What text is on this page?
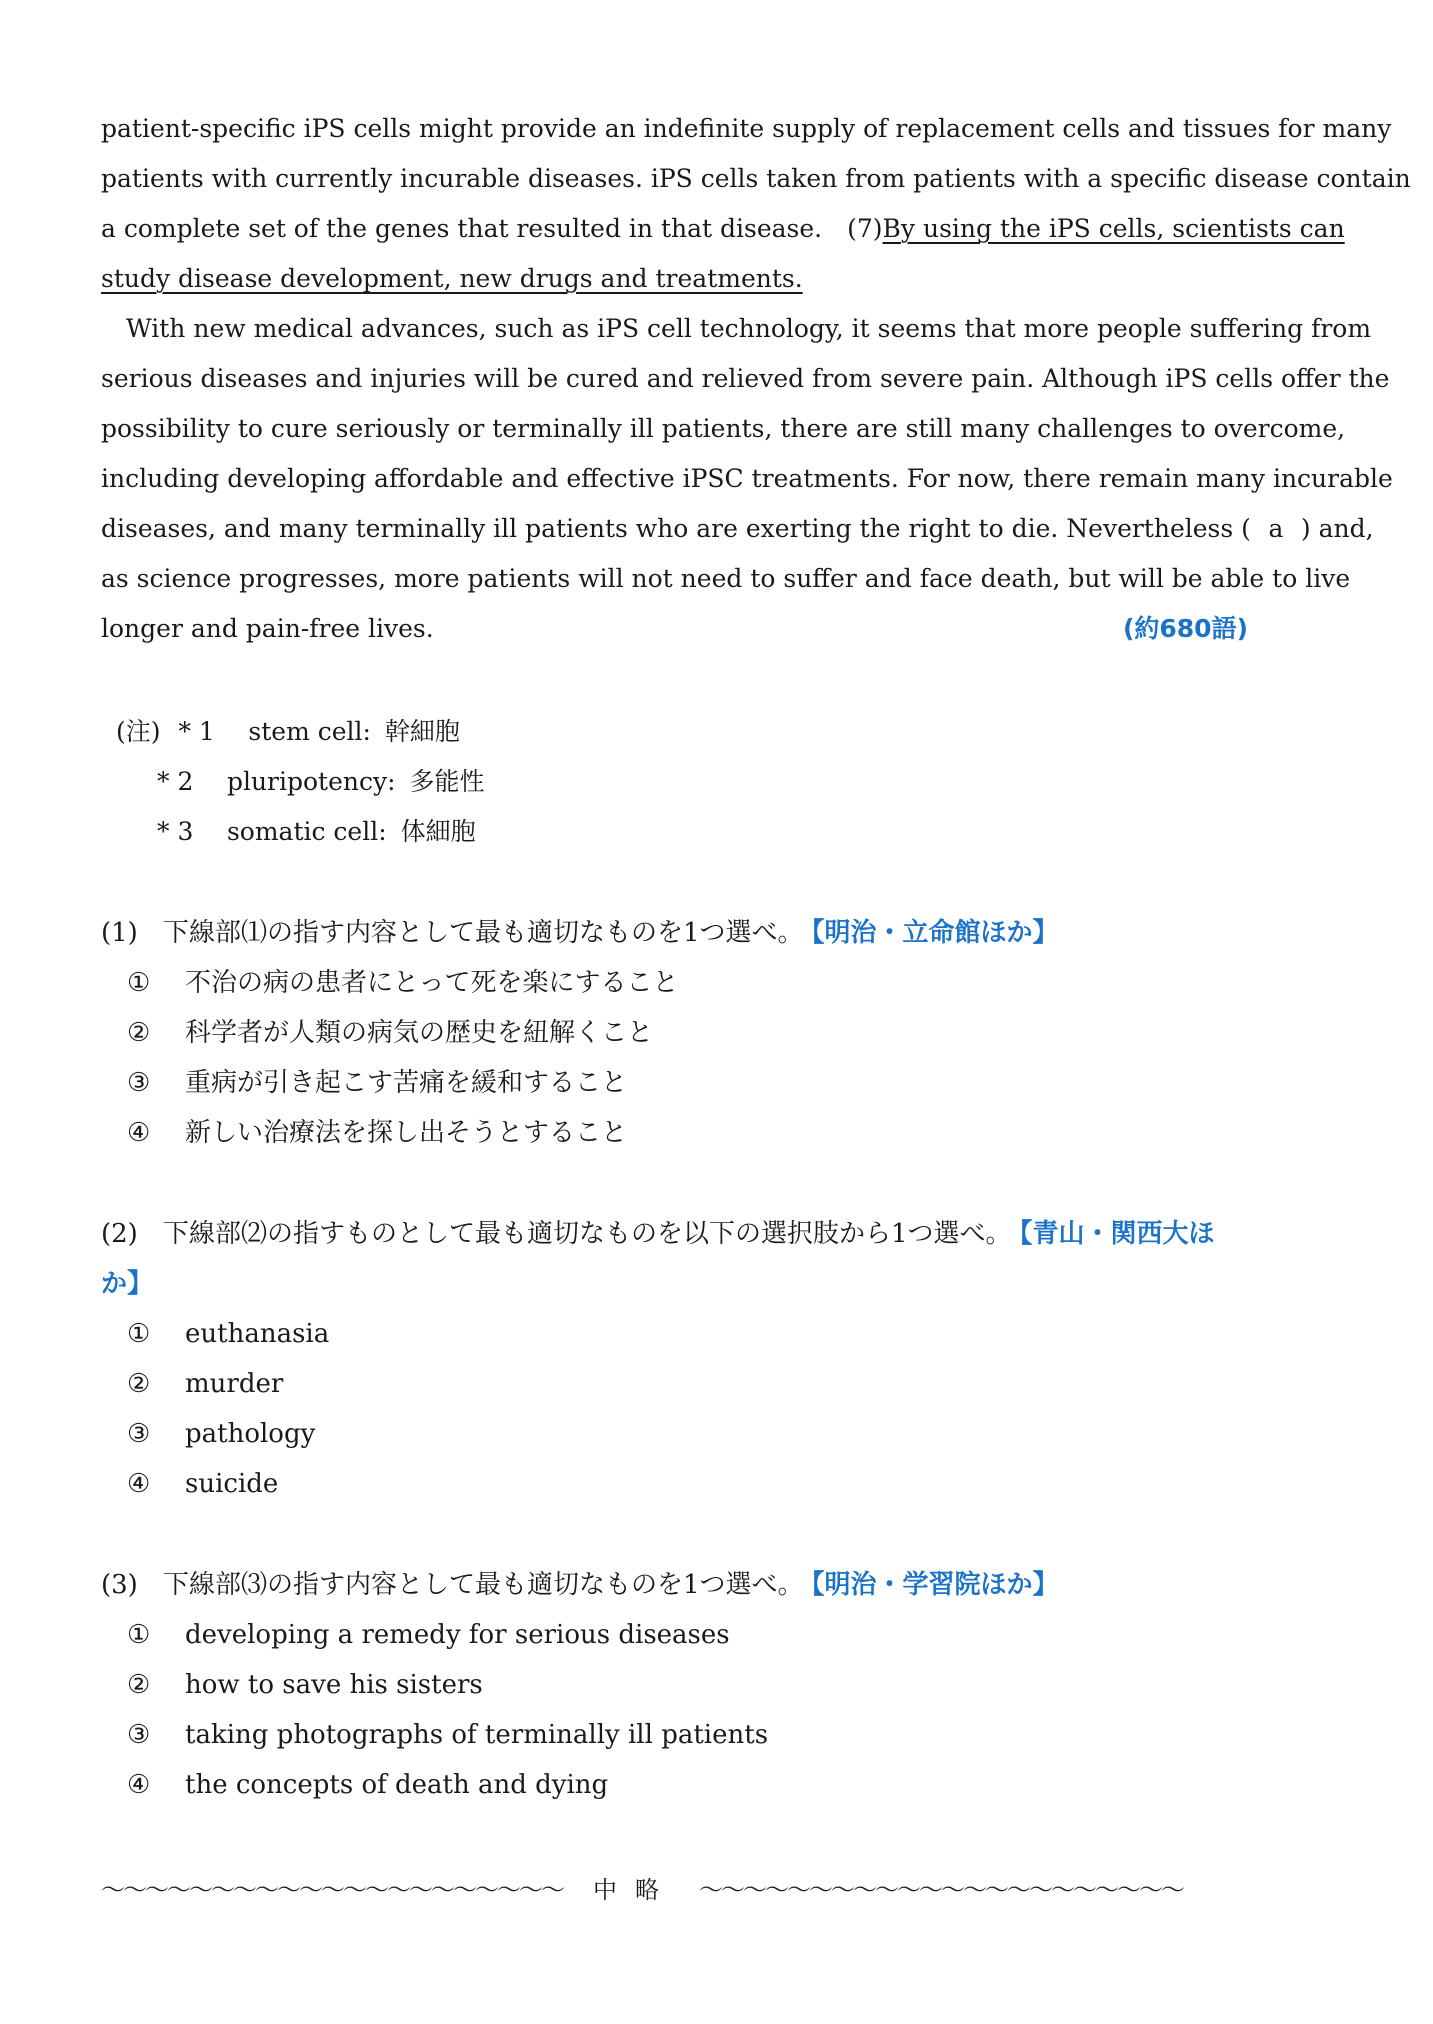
patient-specific iPS cells might provide an indefinite supply of replacement cells and tissues for many
patients with currently incurable diseases. iPS cells taken from patients with a specific disease contain
a complete set of the genes that resulted in that disease.　(7)By using the iPS cells, scientists can
study disease development, new drugs and treatments.
　With new medical advances, such as iPS cell technology, it seems that more people suffering from
serious diseases and injuries will be cured and relieved from severe pain. Although iPS cells offer the
possibility to cure seriously or terminally ill patients, there are still many challenges to overcome,
including developing affordable and effective iPSC treatments. For now, there remain many incurable
diseases, and many terminally ill patients who are exerting the right to die. Nevertheless ( a ) and,
as science progresses, more patients will not need to suffer and face death, but will be able to live
longer and pain-free lives.	(約680語)
(注) * 1 stem cell: 幹細胞
* 2 pluripotency: 多能性
* 3 somatic cell: 体細胞
(1) 下線部⑴の指す内容として最も適切なものを1つ選べ。 【明治・立命館ほか】
① 不治の病の患者にとって死を楽にすること
② 科学者が人類の病気の歴史を紐解くこと
③ 重病が引き起こす苦痛を緩和すること
④ 新しい治療法を探し出そうとすること
(2) 下線部⑵の指すものとして最も適切なものを以下の選択肢から1つ選べ。 【青山・関西大ほ
か】
① euthanasia
② murder
③ pathology
④ suicide
(3) 下線部⑶の指す内容として最も適切なものを1つ選べ。 【明治・学習院ほか】
① developing a remedy for serious diseases
② how to save his sisters
③ taking photographs of terminally ill patients
④ the concepts of death and dying
〜〜〜〜〜〜〜〜〜〜〜〜〜〜〜〜〜〜〜〜〜 中略 〜〜〜〜〜〜〜〜〜〜〜〜〜〜〜〜〜〜〜〜〜〜
